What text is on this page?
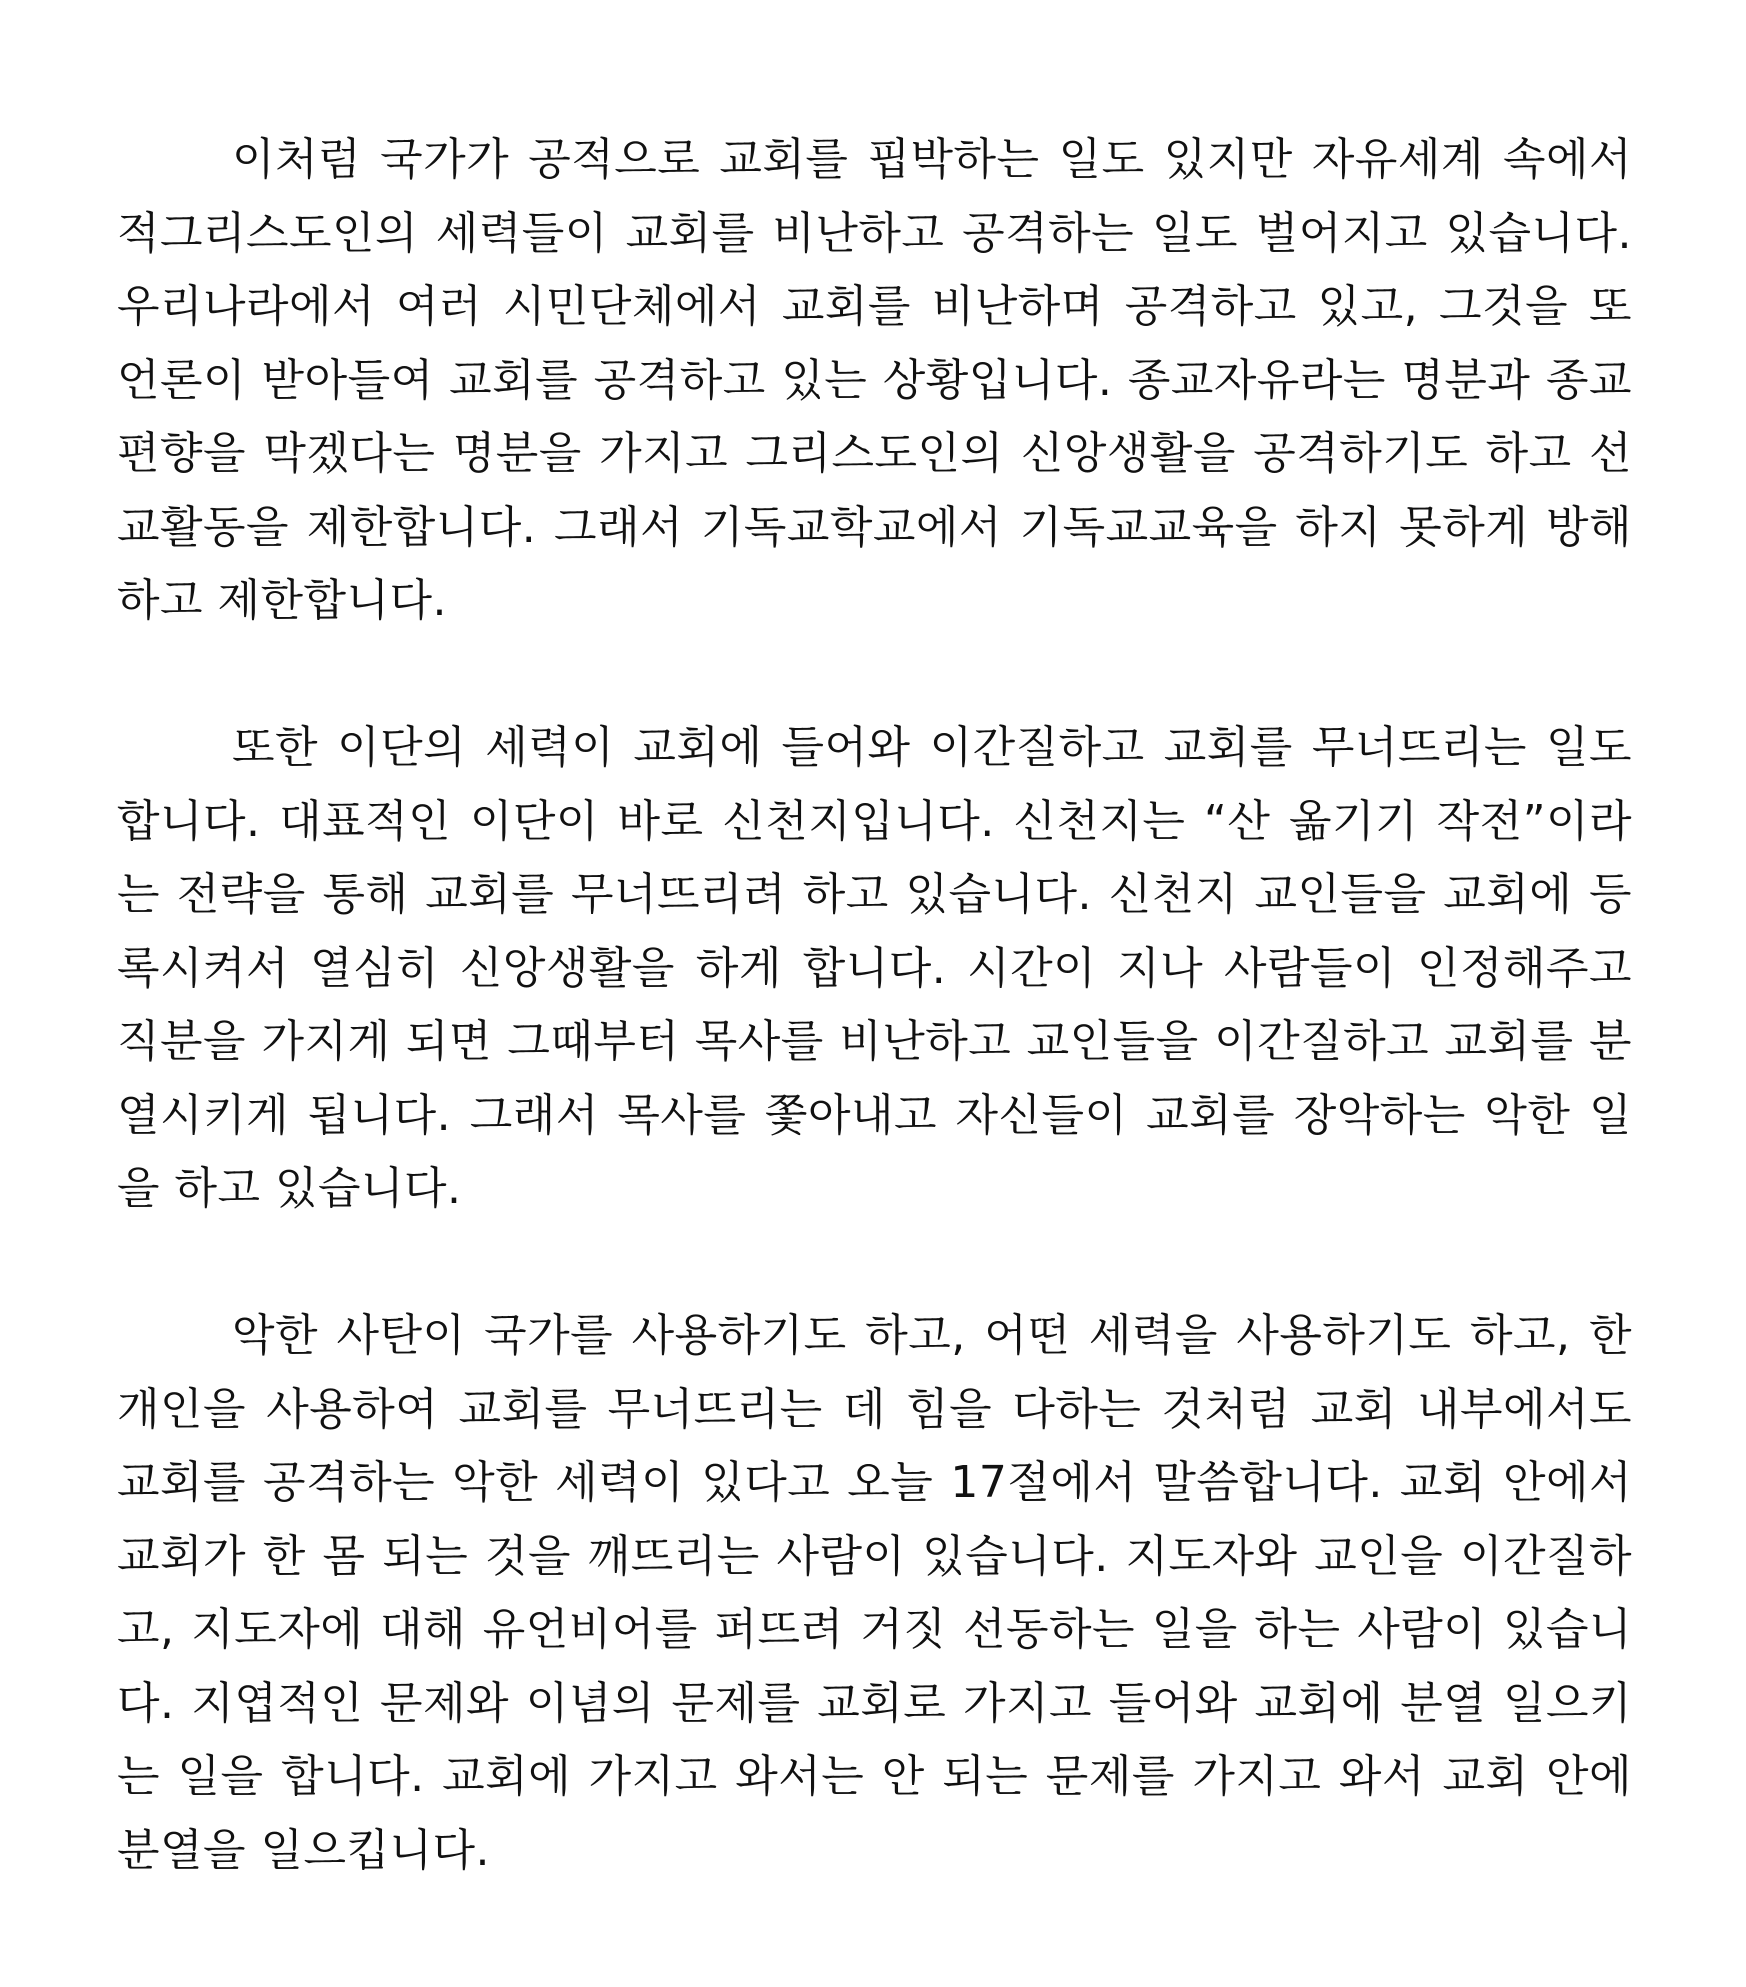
이처럼 국가가 공적으로 교회를 핍박하는 일도 있지만 자유세계 속에서 적그리스도인의 세력들이 교회를 비난하고 공격하는 일도 벌어지고 있습니다. 우리나라에서 여러 시민단체에서 교회를 비난하며 공격하고 있고, 그것을 또 언론이 받아들여 교회를 공격하고 있는 상황입니다. 종교자유라는 명분과 종교 편향을 막겠다는 명분을 가지고 그리스도인의 신앙생활을 공격하기도 하고 선교활동을 제한합니다. 그래서 기독교학교에서 기독교교육을 하지 못하게 방해하고 제한합니다.

또한 이단의 세력이 교회에 들어와 이간질하고 교회를 무너뜨리는 일도 합니다. 대표적인 이단이 바로 신천지입니다. 신천지는 “산 옮기기 작전”이라는 전략을 통해 교회를 무너뜨리려 하고 있습니다. 신천지 교인들을 교회에 등록시켜서 열심히 신앙생활을 하게 합니다. 시간이 지나 사람들이 인정해주고 직분을 가지게 되면 그때부터 목사를 비난하고 교인들을 이간질하고 교회를 분열시키게 됩니다. 그래서 목사를 쫓아내고 자신들이 교회를 장악하는 악한 일을 하고 있습니다.

악한 사탄이 국가를 사용하기도 하고, 어떤 세력을 사용하기도 하고, 한 개인을 사용하여 교회를 무너뜨리는 데 힘을 다하는 것처럼 교회 내부에서도 교회를 공격하는 악한 세력이 있다고 오늘 17절에서 말씀합니다. 교회 안에서 교회가 한 몸 되는 것을 깨뜨리는 사람이 있습니다. 지도자와 교인을 이간질하고, 지도자에 대해 유언비어를 퍼뜨려 거짓 선동하는 일을 하는 사람이 있습니다. 지엽적인 문제와 이념의 문제를 교회로 가지고 들어와 교회에 분열 일으키는 일을 합니다. 교회에 가지고 와서는 안 되는 문제를 가지고 와서 교회 안에 분열을 일으킵니다.
